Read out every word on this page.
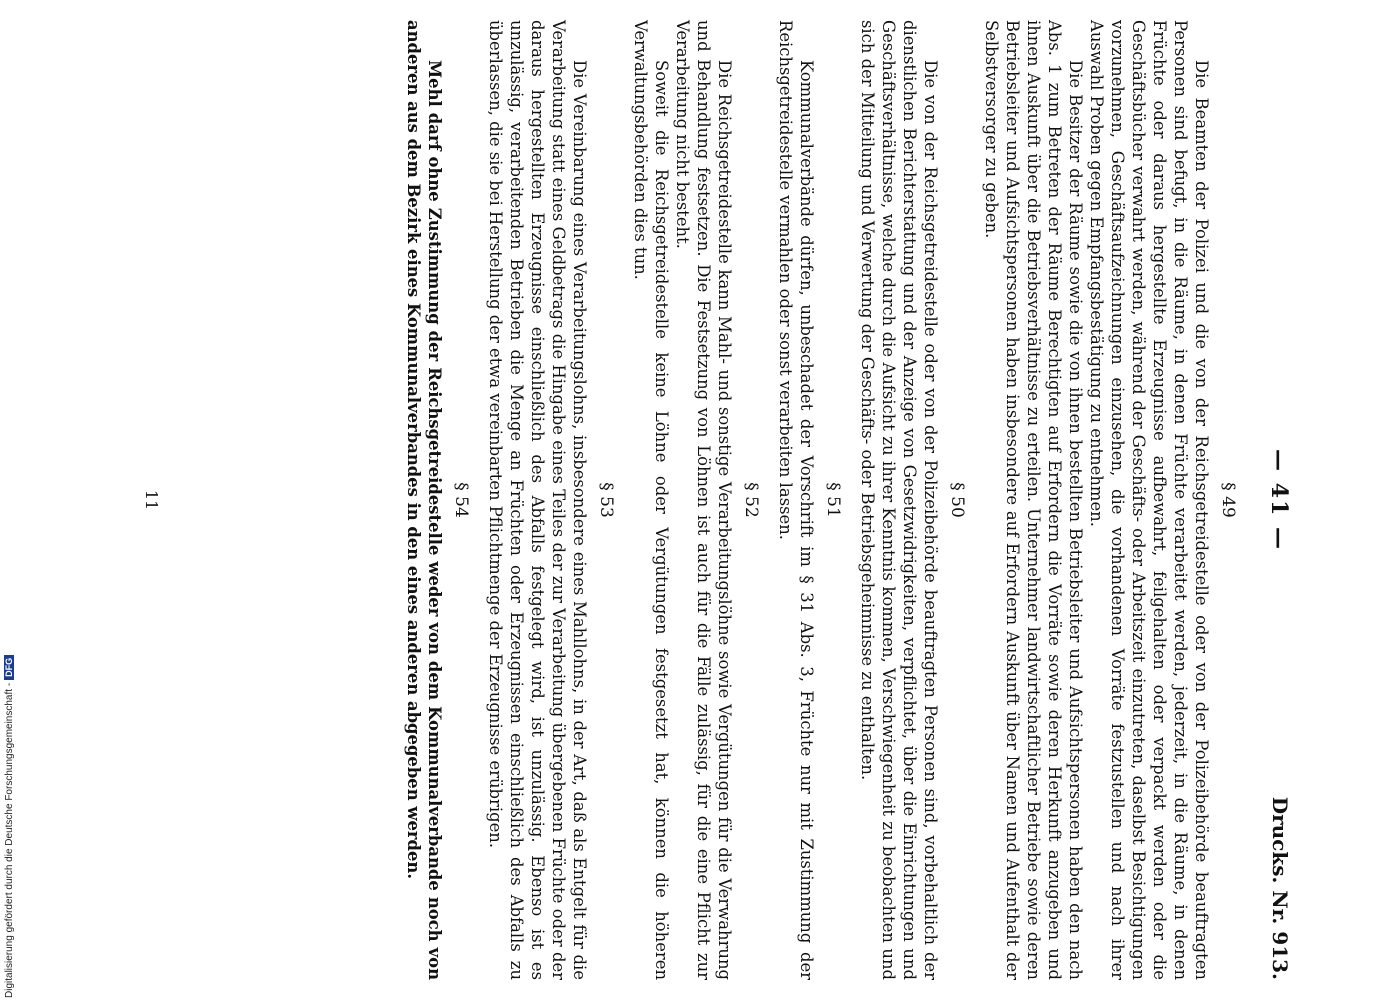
— 41 —
Drucks. Nr. 913.
§ 49

Die Beamten der Polizei und die von der Reichsgetreidestelle oder von der Polizeibehörde beauftragten Personen sind befugt, in die Räume, in denen Früchte verarbeitet werden, jederzeit, in die Räume, in denen Früchte oder daraus hergestellte Erzeugnisse aufbewahrt, feilgehalten oder verpackt werden oder die Geschäftsbücher verwahrt werden, während der Geschäfts- oder Arbeitszeit einzutreten, daselbst Besichtigungen vorzunehmen, Geschäftsaufzeichnungen einzusehen, die vorhandenen Vorräte festzustellen und nach ihrer Auswahl Proben gegen Empfangsbestätigung zu entnehmen.

Die Besitzer der Räume sowie die von ihnen bestellten Betriebsleiter und Aufsichtspersonen haben den nach Abs. 1 zum Betreten der Räume Berechtigten auf Erfordern die Vorräte sowie deren Herkunft anzugeben und ihnen Auskunft über die Betriebsverhältnisse zu erteilen. Unternehmer landwirtschaftlicher Betriebe sowie deren Betriebsleiter und Aufsichtspersonen haben insbesondere auf Erfordern Auskunft über Namen und Aufenthalt der Selbstversorger zu geben.

§ 50

Die von der Reichsgetreidestelle oder von der Polizeibehörde beauftragten Personen sind, vorbehaltlich der dienstlichen Berichterstattung und der Anzeige von Gesetzwidrigkeiten, verpflichtet, über die Einrichtungen und Geschäftsverhältnisse, welche durch die Aufsicht zu ihrer Kenntnis kommen, Verschwiegenheit zu beobachten und sich der Mitteilung und Verwertung der Geschäfts- oder Betriebsgeheimnisse zu enthalten.

§ 51

Kommunalverbände dürfen, unbeschadet der Vorschrift im § 31 Abs. 3, Früchte nur mit Zustimmung der Reichsgetreidestelle vermahlen oder sonst verarbeiten lassen.

§ 52

Die Reichsgetreidestelle kann Mahl- und sonstige Verarbeitungslöhne sowie Vergütungen für die Verwahrung und Behandlung festsetzen. Die Festsetzung von Löhnen ist auch für die Fälle zulässig, für die eine Pflicht zur Verarbeitung nicht besteht.

Soweit die Reichsgetreidestelle keine Löhne oder Vergütungen festgesetzt hat, können die höheren Verwaltungsbehörden dies tun.

§ 53

Die Vereinbarung eines Verarbeitungslohns, insbesondere eines Mahllohns, in der Art, daß als Entgelt für die Verarbeitung statt eines Geldbetrags die Hingabe eines Teiles der zur Verarbeitung übergebenen Früchte oder der daraus hergestellten Erzeugnisse einschließlich des Abfalls festgelegt wird, ist unzulässig. Ebenso ist es unzulässig, verarbeitenden Betrieben die Menge an Früchten oder Erzeugnissen einschließlich des Abfalls zu überlassen, die sie bei Herstellung der etwa vereinbarten Pflichtmenge der Erzeugnisse erübrigen.

§ 54

Mehl darf ohne Zustimmung der Reichsgetreidestelle weder von dem Kommunalverbande noch von anderen aus dem Bezirk eines Kommunalverbandes in den eines anderen abgegeben werden.

11
Digitalisierung gefördert durch die Deutsche Forschungsgemeinschaft -DFG
